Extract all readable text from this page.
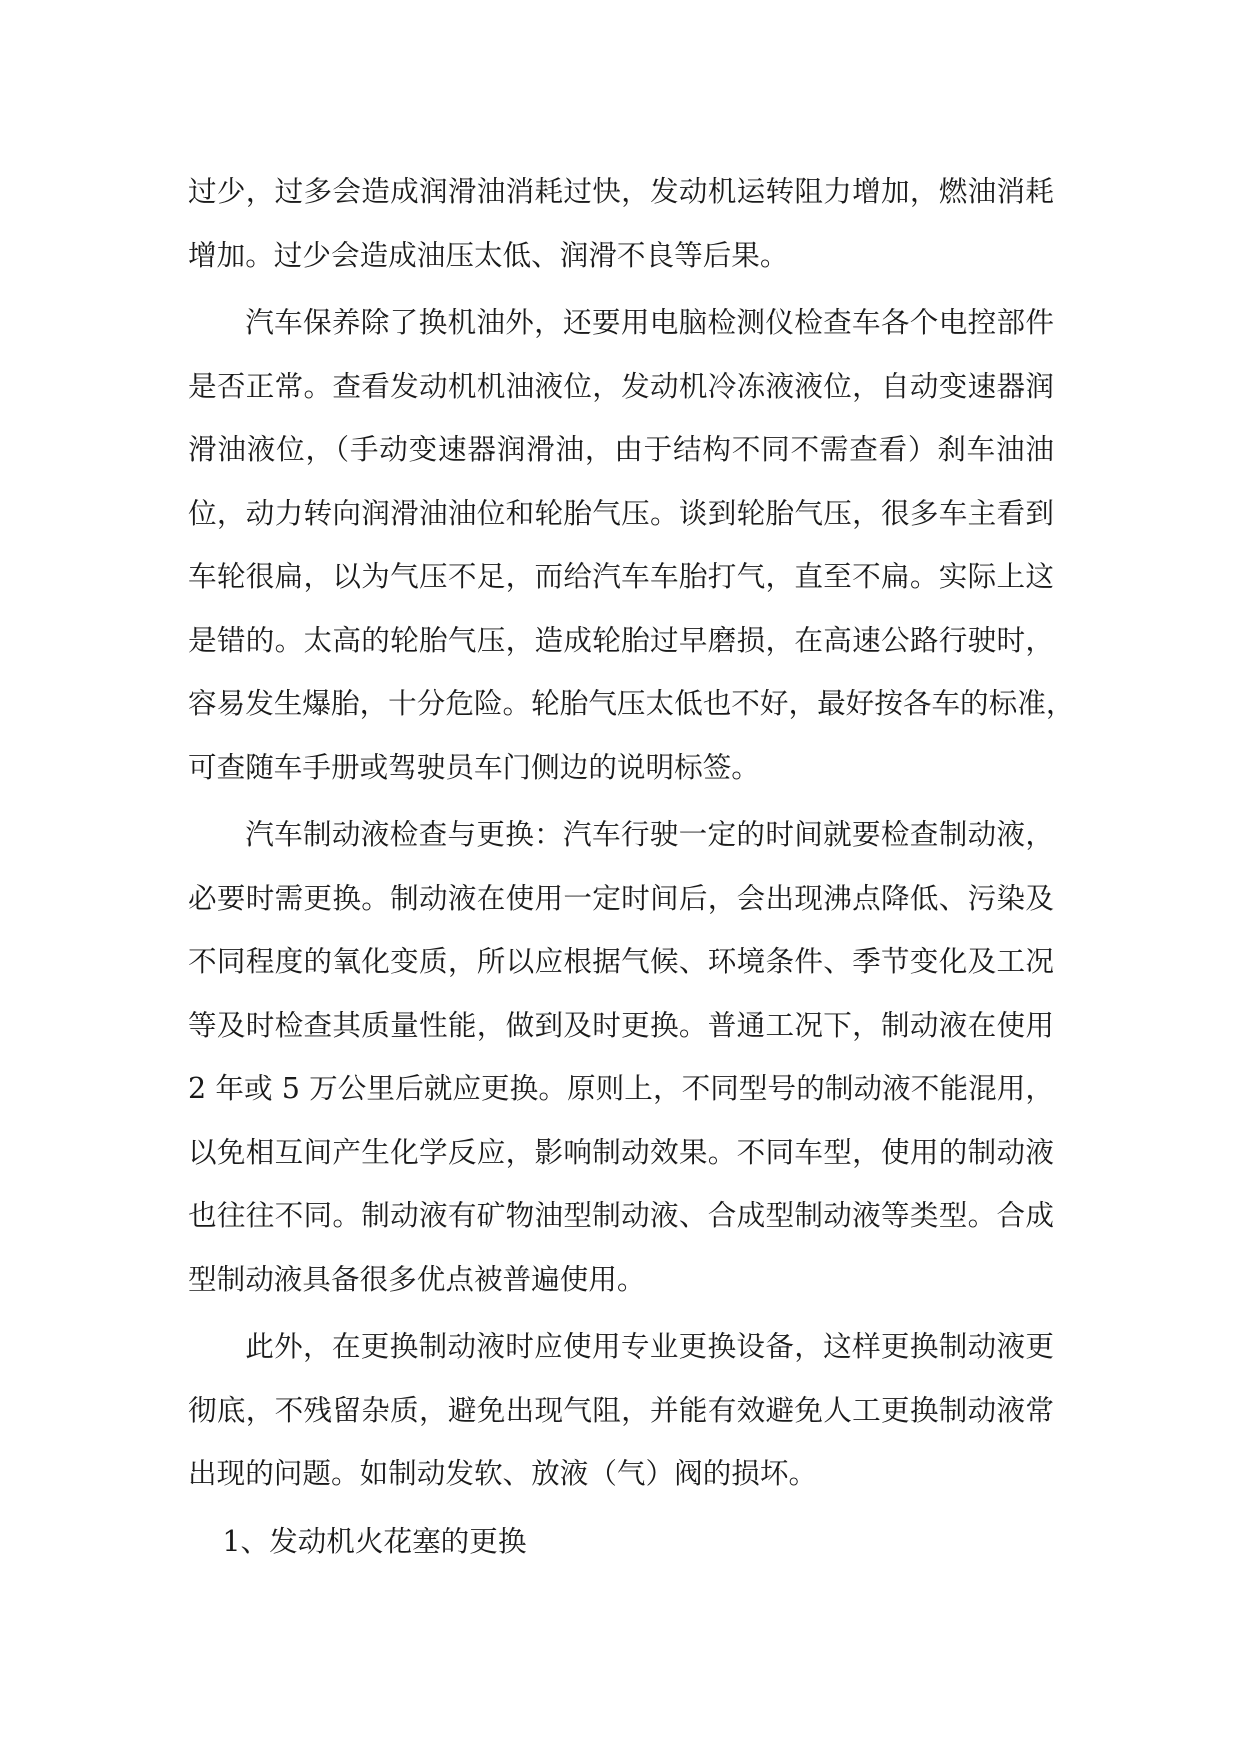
过少，过多会造成润滑油消耗过快，发动机运转阻力增加，燃油消耗
增加。过少会造成油压太低、润滑不良等后果。
汽车保养除了换机油外，还要用电脑检测仪检查车各个电控部件
是否正常。查看发动机机油液位，发动机冷冻液液位，自动变速器润
滑油液位，（手动变速器润滑油，由于结构不同不需查看）刹车油油
位，动力转向润滑油油位和轮胎气压。谈到轮胎气压，很多车主看到
车轮很扁，以为气压不足，而给汽车车胎打气，直至不扁。实际上这
是错的。太高的轮胎气压，造成轮胎过早磨损，在高速公路行驶时，
容易发生爆胎，十分危险。轮胎气压太低也不好，最好按各车的标准，
可查随车手册或驾驶员车门侧边的说明标签。
汽车制动液检查与更换：汽车行驶一定的时间就要检查制动液，
必要时需更换。制动液在使用一定时间后，会出现沸点降低、污染及
不同程度的氧化变质，所以应根据气候、环境条件、季节变化及工况
等及时检查其质量性能，做到及时更换。普通工况下，制动液在使用
2 年或 5 万公里后就应更换。原则上，不同型号的制动液不能混用，
以免相互间产生化学反应，影响制动效果。不同车型，使用的制动液
也往往不同。制动液有矿物油型制动液、合成型制动液等类型。合成
型制动液具备很多优点被普遍使用。
此外，在更换制动液时应使用专业更换设备，这样更换制动液更
彻底，不残留杂质，避免出现气阻，并能有效避免人工更换制动液常
出现的问题。如制动发软、放液（气）阀的损坏。
1、发动机火花塞的更换
